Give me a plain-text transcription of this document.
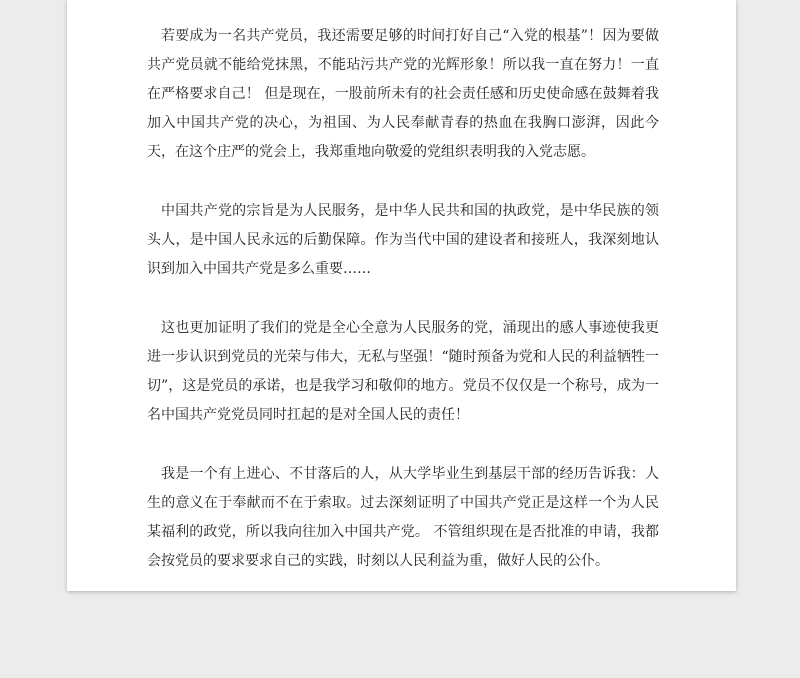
若要成为一名共产党员，我还需要足够的时间打好自己“入党的根基”！因为要做共产党员就不能给党抹黑，不能玷污共产党的光辉形象！所以我一直在努力！一直在严格要求自己！ 但是现在，一股前所未有的社会责任感和历史使命感在鼓舞着我加入中国共产党的决心，为祖国、为人民奉献青春的热血在我胸口澎湃，因此今天，在这个庄严的党会上，我郑重地向敬爱的党组织表明我的入党志愿。

中国共产党的宗旨是为人民服务，是中华人民共和国的执政党，是中华民族的领头人，是中国人民永远的后勤保障。作为当代中国的建设者和接班人，我深刻地认识到加入中国共产党是多么重要……

这也更加证明了我们的党是全心全意为人民服务的党，涌现出的感人事迹使我更进一步认识到党员的光荣与伟大，无私与坚强！“随时预备为党和人民的利益牺牲一切”，这是党员的承诺，也是我学习和敬仰的地方。党员不仅仅是一个称号，成为一名中国共产党党员同时扛起的是对全国人民的责任！

我是一个有上进心、不甘落后的人，从大学毕业生到基层干部的经历告诉我：人生的意义在于奉献而不在于索取。过去深刻证明了中国共产党正是这样一个为人民某福利的政党，所以我向往加入中国共产党。 不管组织现在是否批准的申请，我都会按党员的要求要求自己的实践，时刻以人民利益为重，做好人民的公仆。
